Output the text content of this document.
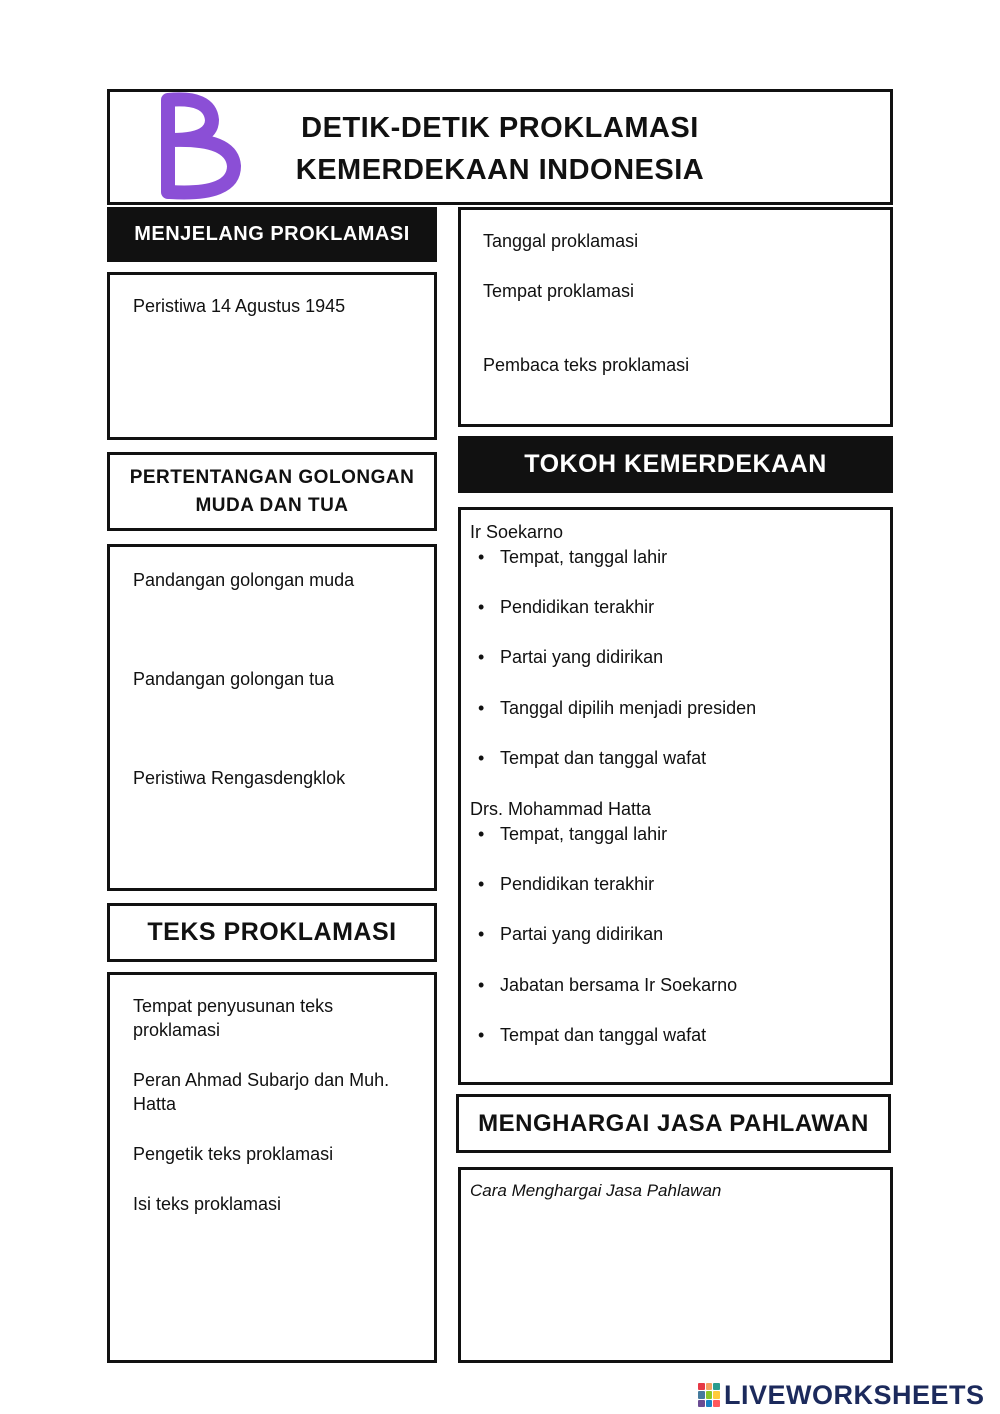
DETIK-DETIK PROKLAMASI
KEMERDEKAAN INDONESIA
MENJELANG PROKLAMASI
Peristiwa 14 Agustus 1945
PERTENTANGAN GOLONGAN
MUDA DAN TUA
Pandangan golongan muda
Pandangan golongan tua
Peristiwa Rengasdengklok
TEKS PROKLAMASI
Tempat penyusunan teks
proklamasi
Peran Ahmad Subarjo dan Muh.
Hatta
Pengetik teks proklamasi
Isi teks proklamasi
Tanggal proklamasi
Tempat proklamasi
Pembaca teks proklamasi
TOKOH KEMERDEKAAN
Ir Soekarno
• Tempat, tanggal lahir
• Pendidikan terakhir
• Partai yang didirikan
• Tanggal dipilih menjadi presiden
• Tempat dan tanggal wafat
Drs. Mohammad Hatta
• Tempat, tanggal lahir
• Pendidikan terakhir
• Partai yang didirikan
• Jabatan bersama Ir Soekarno
• Tempat dan tanggal wafat
MENGHARGAI JASA PAHLAWAN
Cara Menghargai Jasa Pahlawan
LIVEWORKSHEETS
